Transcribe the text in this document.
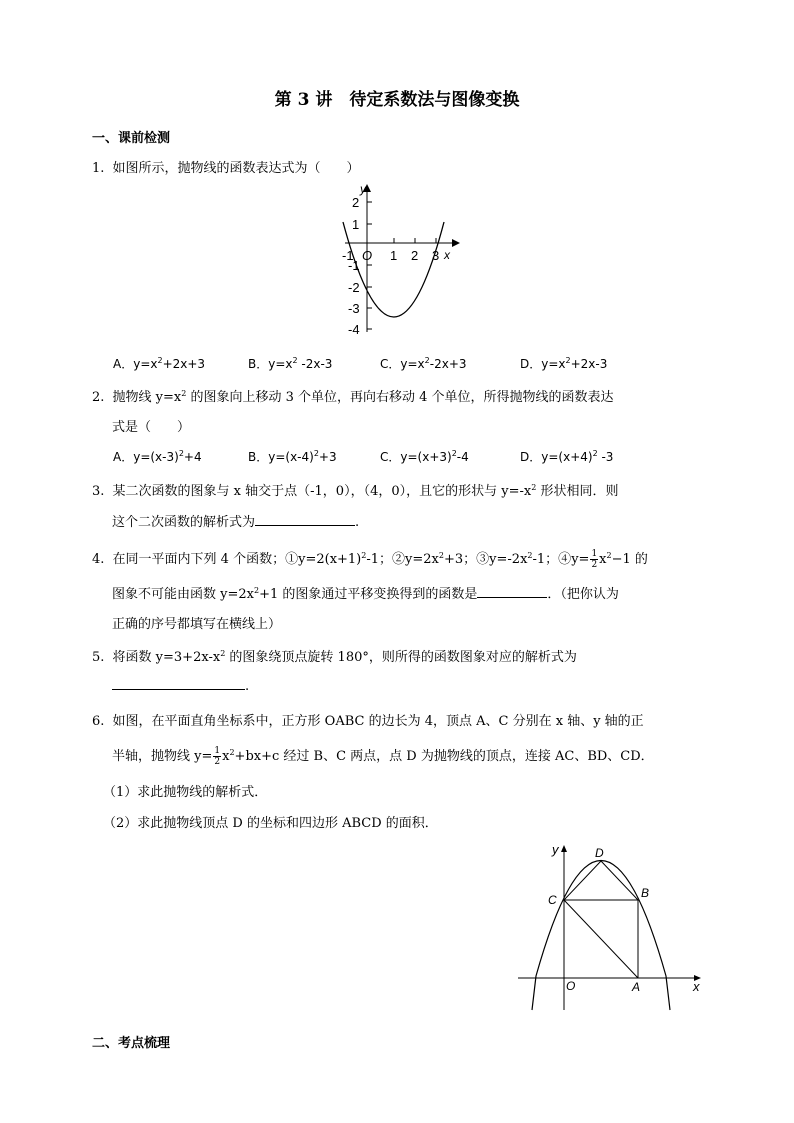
第 3 讲　待定系数法与图像变换
一、课前检测
1. 如图所示，抛物线的函数表达式为（　　）
y
x
O
2
1
-1
-2
-3
-4
-1	1 2 3
A．$y=x^2+2x+3$	B．$y=x^2$ -2x-3	C．$y=x^2-2x+3$	D．$y=x^2+2x-3$
2. 抛物线 $y=x^2$ 的图象向上移动 3 个单位，再向右移动 4 个单位，所得抛物线的函数表达
式是（　　）
A．$y=(x-3)^2+4$	B．$y=(x-4)^2+3$	C．$y=(x+3)^2-4$	D．$y=(x+4)^2$ -3
3. 某二次函数的图象与 x 轴交于点（-1，0），（4，0），且它的形状与 $y=-x^2$ 形状相同．则
这个二次函数的解析式为	.
4. 在同一平面内下列 4 个函数；$①y=2(x+1)^2-1$；$②y=2x^2+3$；$③y=-2x^2-1$；④y= $\frac{1}{2} x^2-1$ 的
图象不可能由函数 $y=2x^2+1$ 的图象通过平移变换得到的函数是	．（把你认为
正确的序号都填写在横线上）
5. 将函数 $y=3+2x-x^2$ 的图象绕顶点旋转 180°，则所得的函数图象对应的解析式为
.
6. 如图，在平面直角坐标系中，正方形 OABC 的边长为 4，顶点 A、C 分别在 x 轴、y 轴的正
半轴，抛物线 $y= \frac{1}{2} x^2+bx+c$ 经过 B、C 两点，点 D 为抛物线的顶点，连接 AC、BD、CD．
（1）求此抛物线的解析式．
（2）求此抛物线顶点 D 的坐标和四边形 ABCD 的面积．
y
x
O	A
B
C
D
二、考点梳理
